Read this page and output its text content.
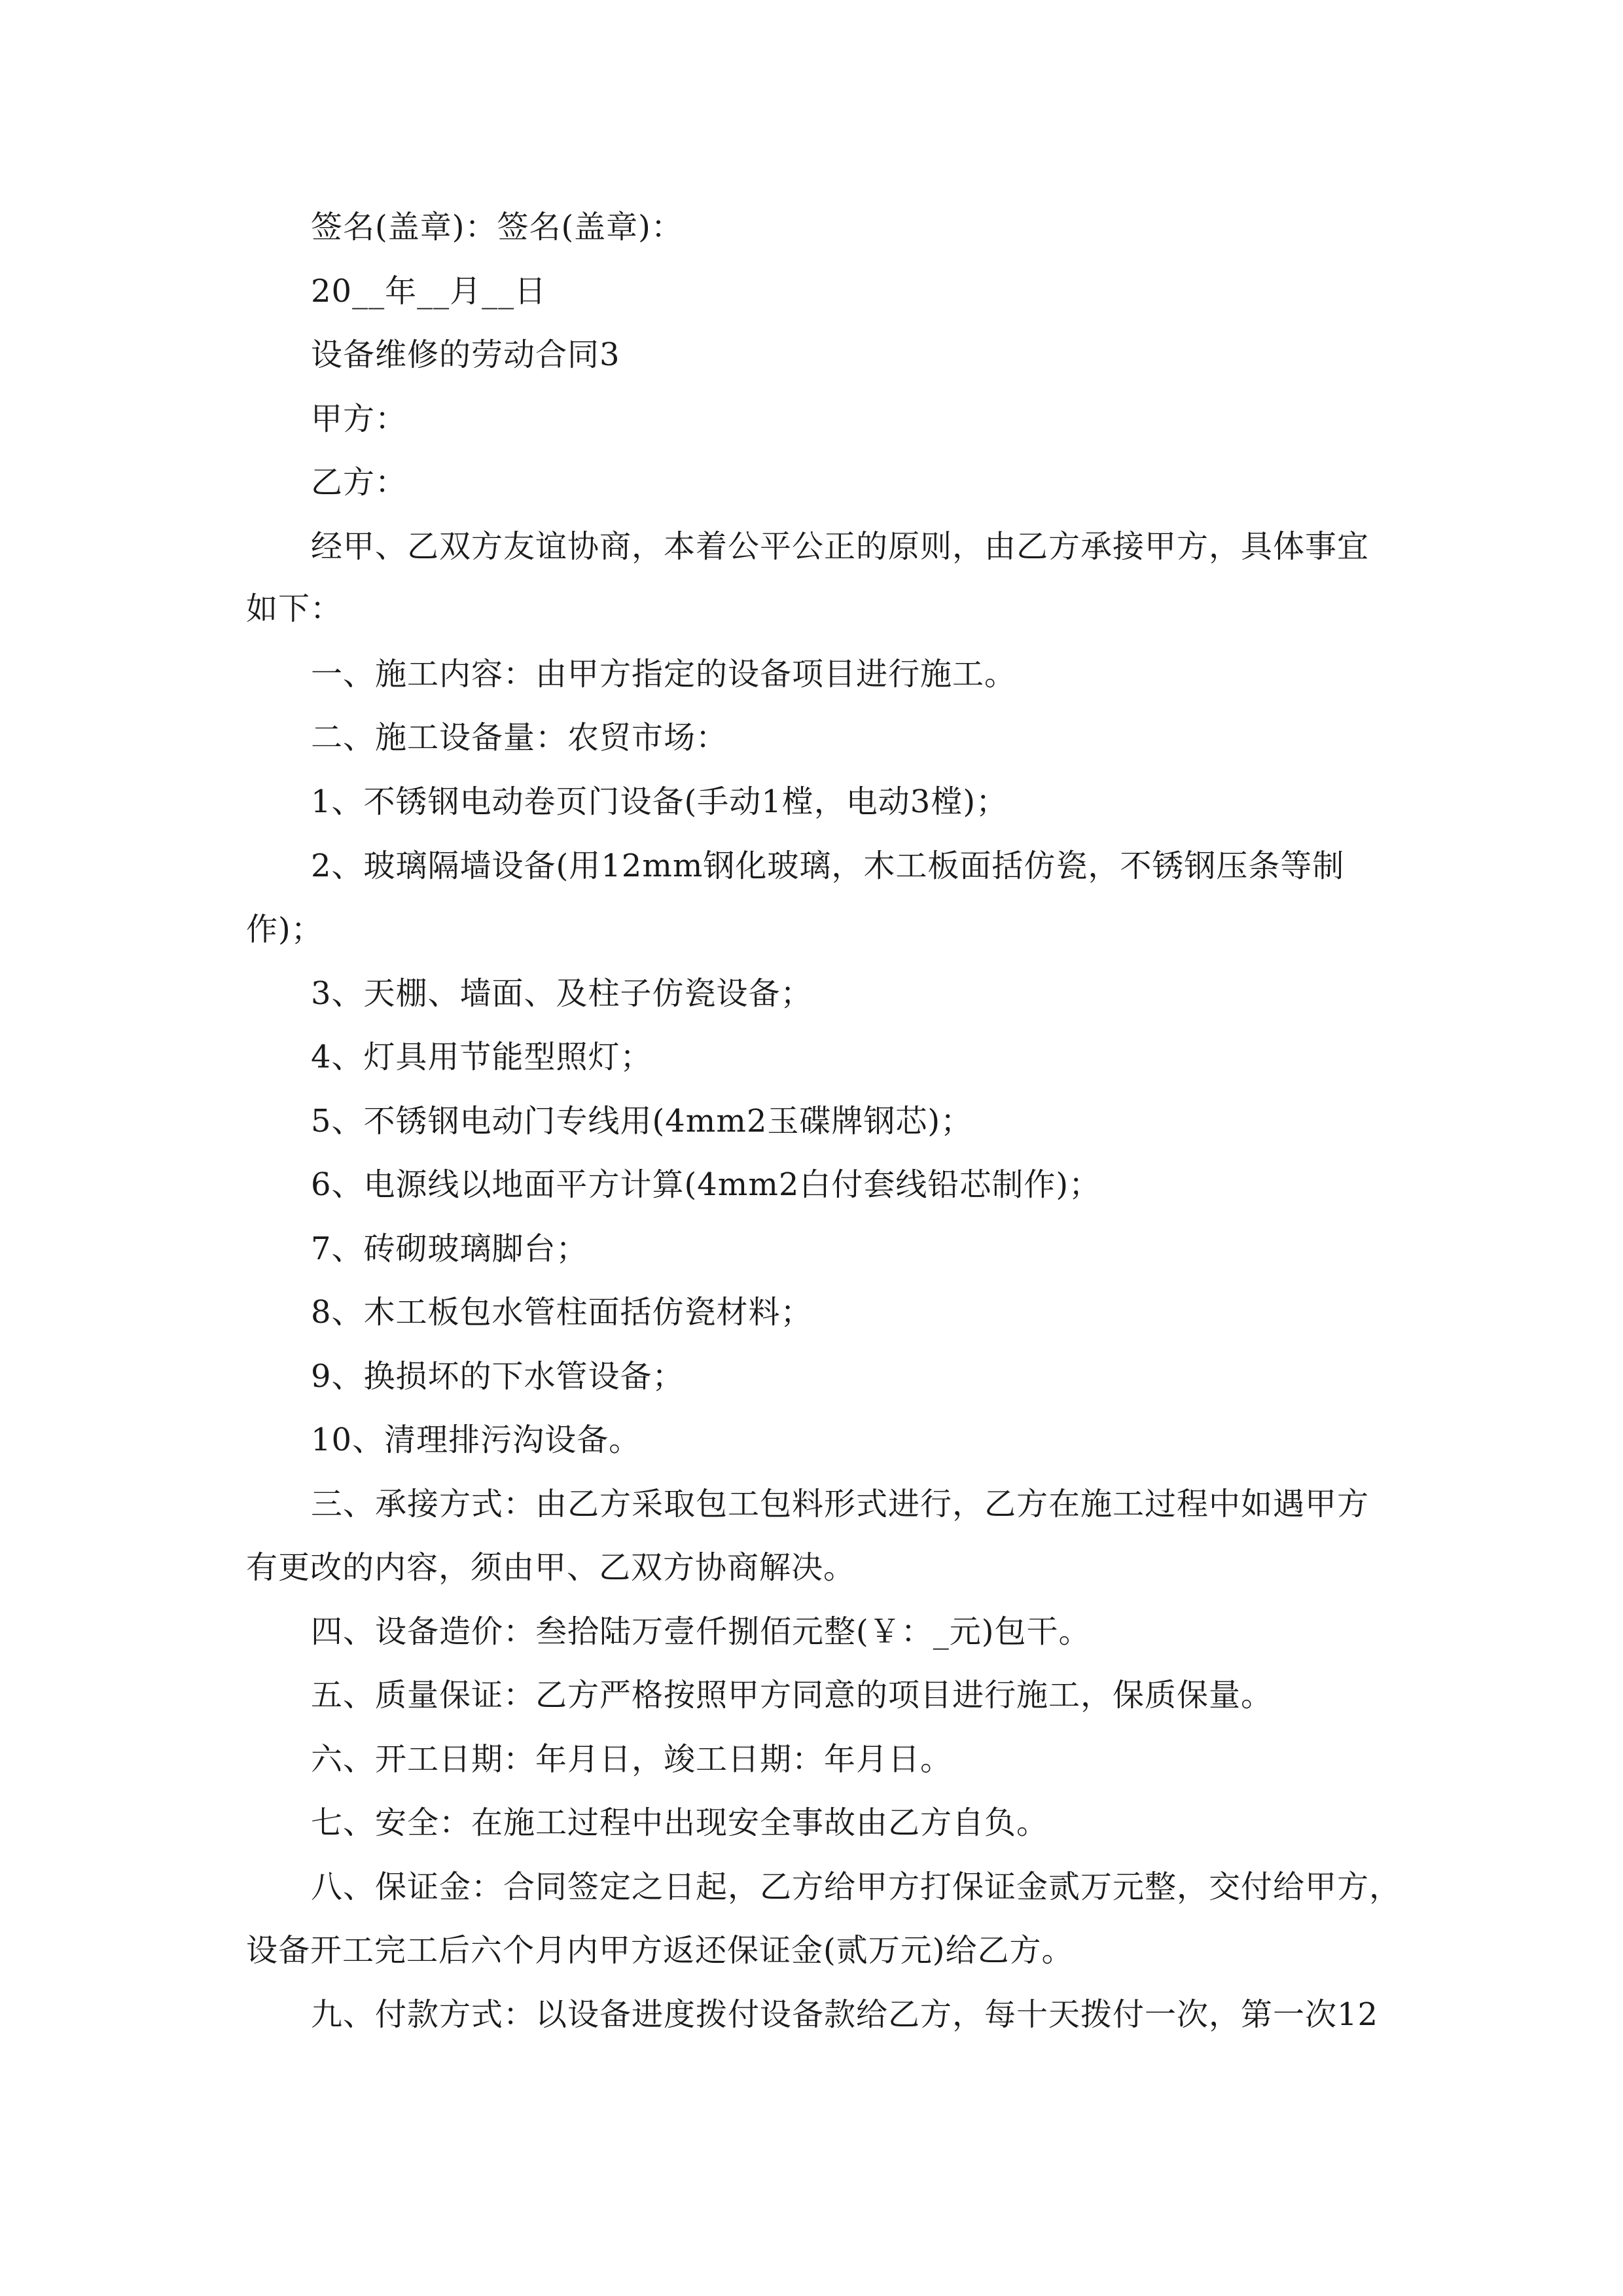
签名(盖章)：签名(盖章)：
20__年__月__日
设备维修的劳动合同3
甲方：
乙方：
经甲、乙双方友谊协商，本着公平公正的原则，由乙方承接甲方，具体事宜
如下：
一、施工内容：由甲方指定的设备项目进行施工。
二、施工设备量：农贸市场：
1、不锈钢电动卷页门设备(手动1樘，电动3樘)；
2、玻璃隔墙设备(用12mm钢化玻璃，木工板面括仿瓷，不锈钢压条等制
作)；
3、天棚、墙面、及柱子仿瓷设备；
4、灯具用节能型照灯；
5、不锈钢电动门专线用(4mm2玉碟牌钢芯)；
6、电源线以地面平方计算(4mm2白付套线铅芯制作)；
7、砖砌玻璃脚台；
8、木工板包水管柱面括仿瓷材料；
9、换损坏的下水管设备；
10、清理排污沟设备。
三、承接方式：由乙方采取包工包料形式进行，乙方在施工过程中如遇甲方
有更改的内容，须由甲、乙双方协商解决。
四、设备造价：叁拾陆万壹仟捌佰元整(￥：_元)包干。
五、质量保证：乙方严格按照甲方同意的项目进行施工，保质保量。
六、开工日期：年月日，竣工日期：年月日。
七、安全：在施工过程中出现安全事故由乙方自负。
八、保证金：合同签定之日起，乙方给甲方打保证金贰万元整，交付给甲方，
设备开工完工后六个月内甲方返还保证金(贰万元)给乙方。
九、付款方式：以设备进度拨付设备款给乙方，每十天拨付一次，第一次12
